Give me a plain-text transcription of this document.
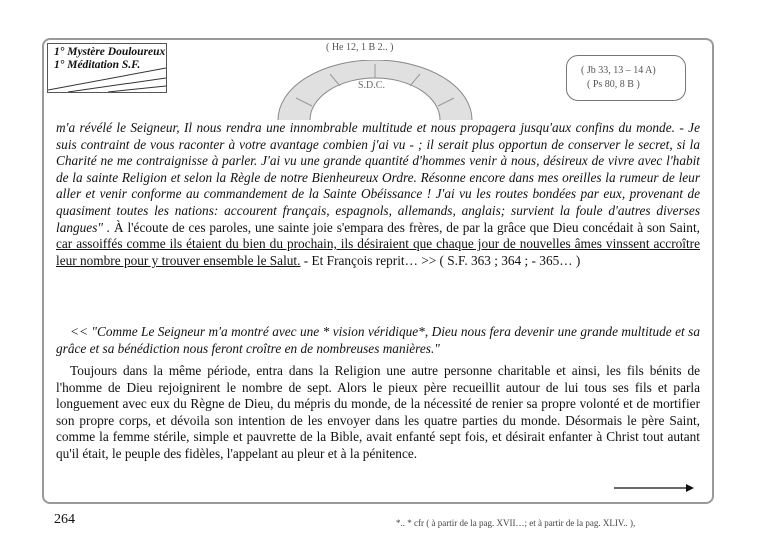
1° Mystère Douloureux
1° Méditation S.F.
( He 12, 1 B 2.. )
S.D.C.
( Jb 33, 13 – 14 A)
( Ps 80, 8 B )
m'a révélé le Seigneur, Il nous rendra une innombrable multitude et nous propagera jusqu'aux confins du monde. - Je suis contraint de vous raconter à votre avantage combien j'ai vu - ; il serait plus opportun de conserver le secret, si la Charité ne me contraignisse à parler. J'ai vu une grande quantité d'hommes venir à nous, désireux de vivre avec l'habit de la sainte Religion et selon la Règle de notre Bienheureux Ordre. Résonne encore dans mes oreilles la rumeur de leur aller et venir conforme au commandement de la Sainte Obéissance ! J'ai vu les routes bondées par eux, provenant de quasiment toutes les nations: accourent français, espagnols, allemands, anglais; survient la foule d'autres diverses langues" . À l'écoute de ces paroles, une sainte joie s'empara des frères, de par la grâce que Dieu concédait à son Saint, car assoiffés comme ils étaient du bien du prochain, ils désiraient que chaque jour de nouvelles âmes vinssent accroître leur nombre pour y trouver ensemble le Salut. - Et François reprit… >> ( S.F. 363 ; 364 ; - 365… )
<< "Comme Le Seigneur m'a montré avec une * vision véridique*, Dieu nous fera devenir une grande multitude et sa grâce et sa bénédiction nous feront croître en de nombreuses manières."
Toujours dans la même période, entra dans la Religion une autre personne charitable et ainsi, les fils bénits de l'homme de Dieu rejoignirent le nombre de sept. Alors le pieux père recueillit autour de lui tous ses fils et parla longuement avec eux du Règne de Dieu, du mépris du monde, de la nécessité de renier sa propre volonté et de mortifier son propre corps, et dévoila son intention de les envoyer dans les quatre parties du monde. Désormais le père Saint, comme la femme stérile, simple et pauvrette de la Bible, avait enfanté sept fois, et désirait enfanter à Christ tout autant qu'il était, le peuple des fidèles, l'appelant au pleur et à la pénitence.
264	*.. * cfr ( à partir de la pag. XVII…; et à partir de la pag. XLIV.. ),
